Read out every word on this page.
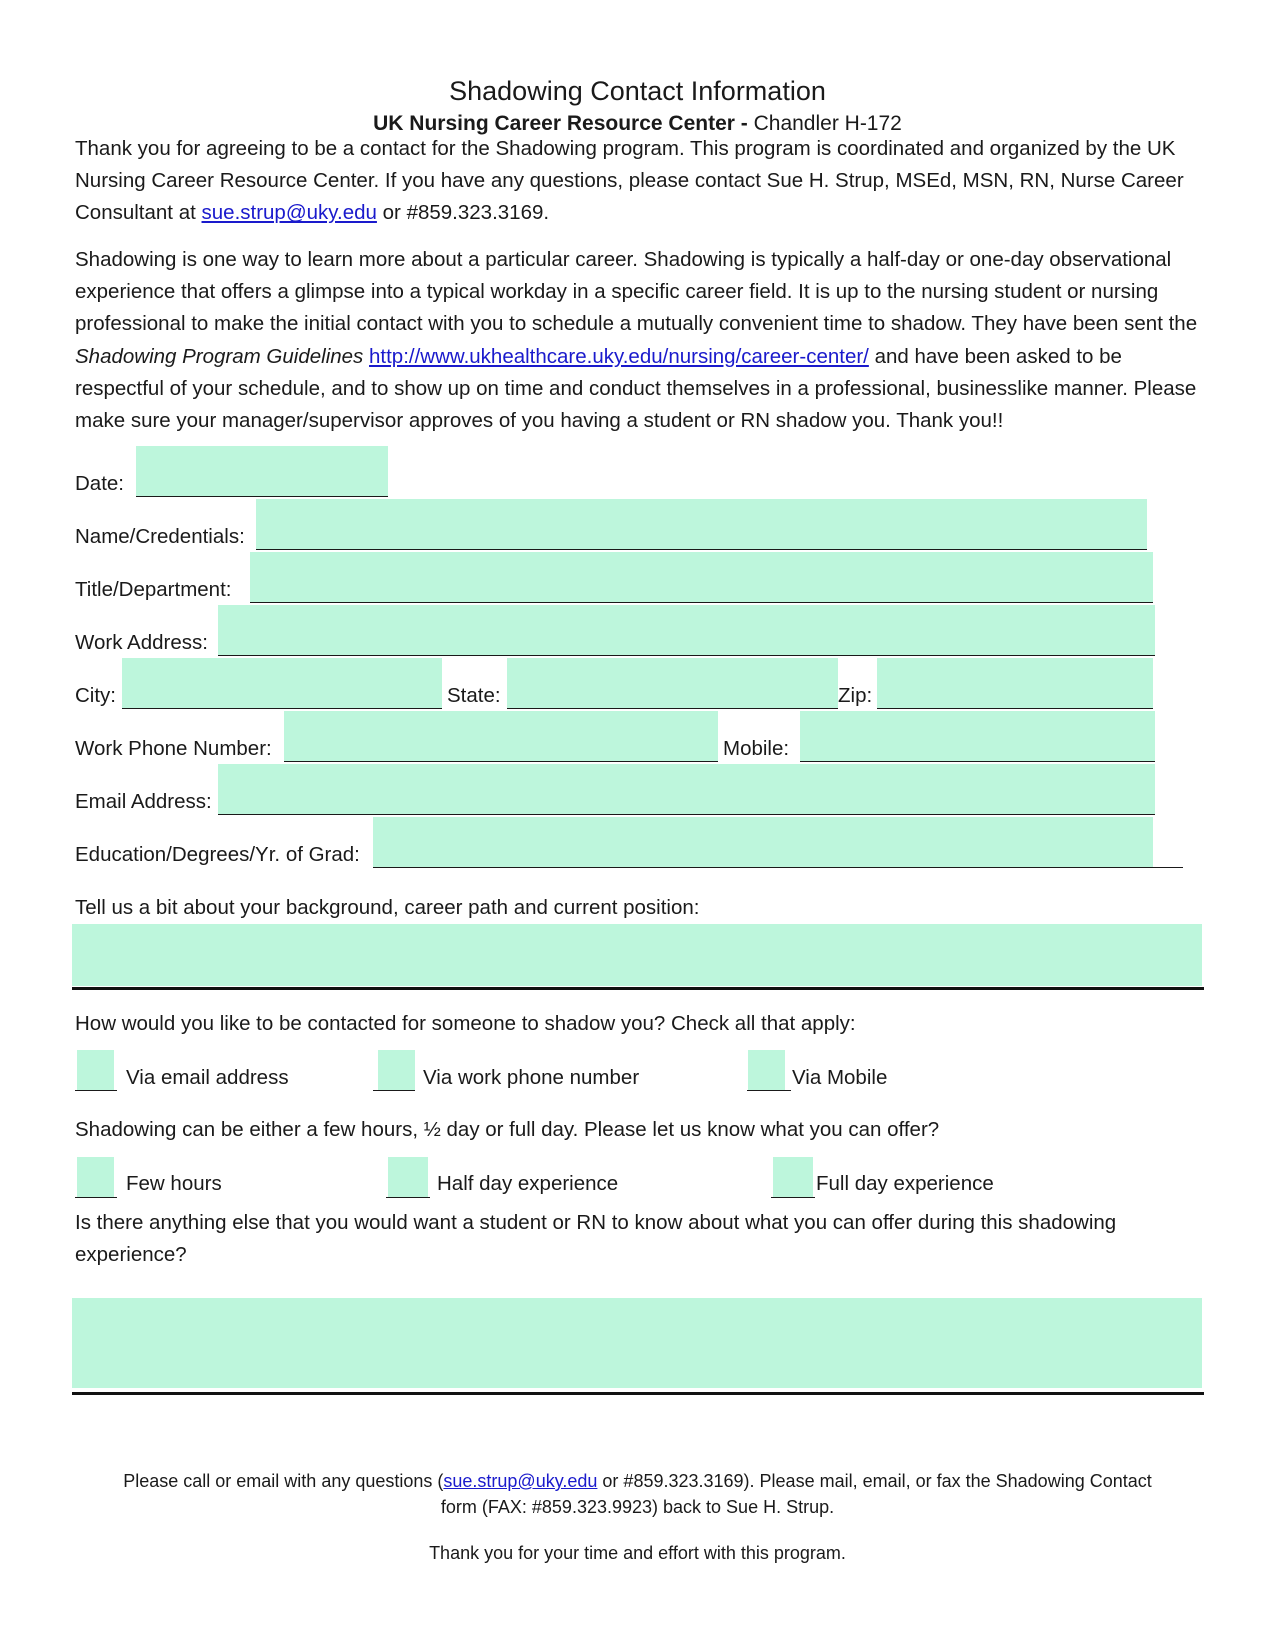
Shadowing Contact Information
UK Nursing Career Resource Center - Chandler H-172
Thank you for agreeing to be a contact for the Shadowing program. This program is coordinated and organized by the UK Nursing Career Resource Center. If you have any questions, please contact Sue H. Strup, MSEd, MSN, RN, Nurse Career Consultant at sue.strup@uky.edu or #859.323.3169.
Shadowing is one way to learn more about a particular career. Shadowing is typically a half-day or one-day observational experience that offers a glimpse into a typical workday in a specific career field. It is up to the nursing student or nursing professional to make the initial contact with you to schedule a mutually convenient time to shadow. They have been sent the Shadowing Program Guidelines http://www.ukhealthcare.uky.edu/nursing/career-center/ and have been asked to be respectful of your schedule, and to show up on time and conduct themselves in a professional, businesslike manner. Please make sure your manager/supervisor approves of you having a student or RN shadow you. Thank you!!
Date:
Name/Credentials:
Title/Department:
Work Address:
City:	State:	Zip:
Work Phone Number:	Mobile:
Email Address:
Education/Degrees/Yr. of Grad:
Tell us a bit about your background, career path and current position:
How would you like to be contacted for someone to shadow you? Check all that apply:
Via email address	Via work phone number	Via Mobile
Shadowing can be either a few hours, ½ day or full day. Please let us know what you can offer?
Few hours	Half day experience	Full day experience
Is there anything else that you would want a student or RN to know about what you can offer during this shadowing experience?
Please call or email with any questions (sue.strup@uky.edu or #859.323.3169). Please mail, email, or fax the Shadowing Contact
form (FAX: #859.323.9923) back to Sue H. Strup.
Thank you for your time and effort with this program.
